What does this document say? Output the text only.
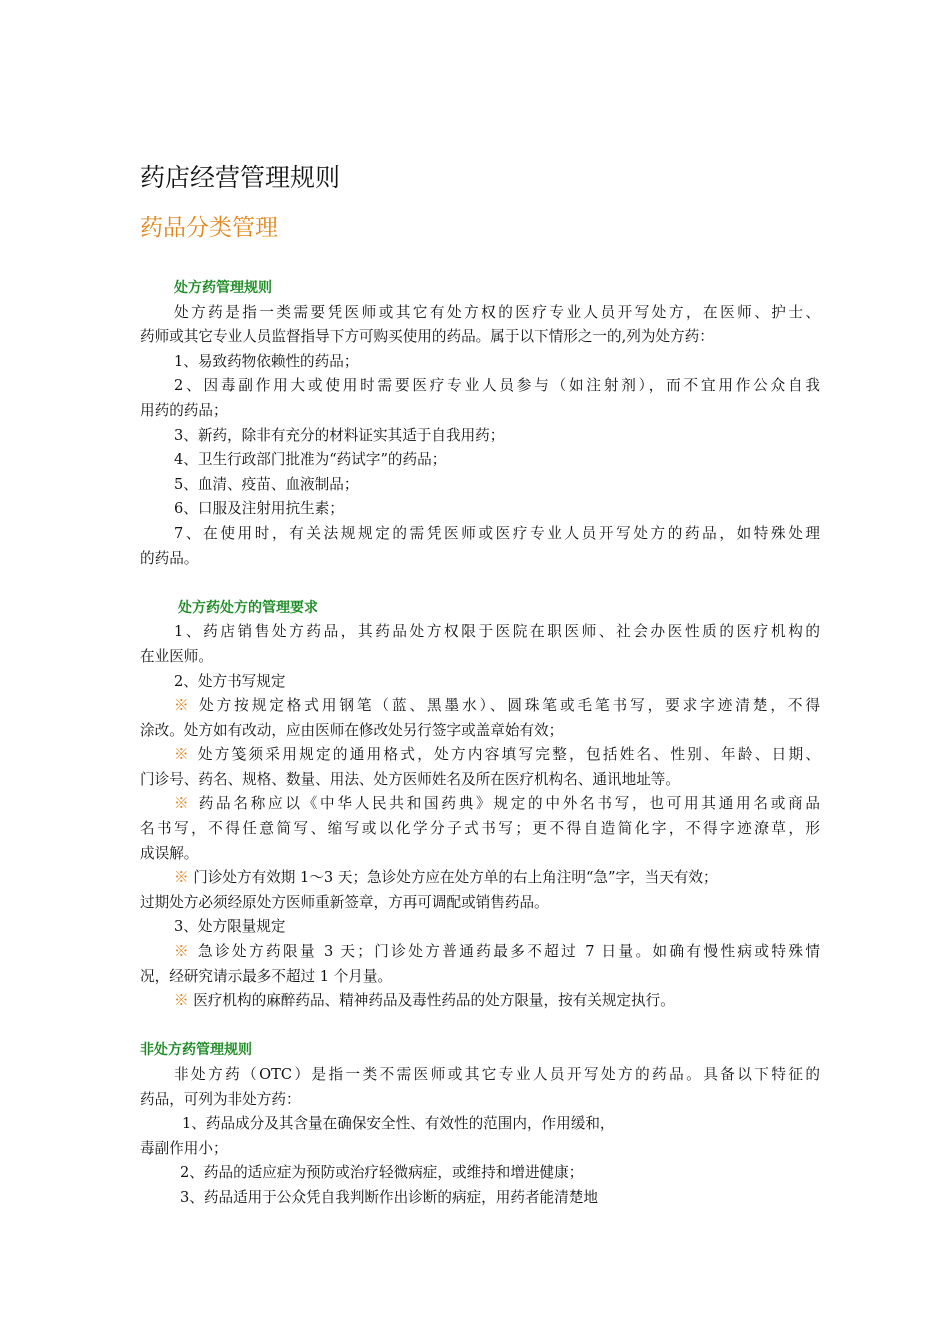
药店经营管理规则
药品分类管理
处方药管理规则
处方药是指一类需要凭医师或其它有处方权的医疗专业人员开写处方，在医师、护士、
药师或其它专业人员监督指导下方可购买使用的药品。属于以下情形之一的,列为处方药：
1、易致药物依赖性的药品；
2、因毒副作用大或使用时需要医疗专业人员参与（如注射剂），而不宜用作公众自我
用药的药品；
3、新药，除非有充分的材料证实其适于自我用药；
4、卫生行政部门批准为“药试字”的药品；
5、血清、疫苗、血液制品；
6、口服及注射用抗生素；
7、在使用时，有关法规规定的需凭医师或医疗专业人员开写处方的药品，如特殊处理
的药品。
处方药处方的管理要求
1、药店销售处方药品，其药品处方权限于医院在职医师、社会办医性质的医疗机构的
在业医师。
2、处方书写规定
※ 处方按规定格式用钢笔（蓝、黑墨水）、圆珠笔或毛笔书写，要求字迹清楚，不得
涂改。处方如有改动，应由医师在修改处另行签字或盖章始有效；
※ 处方笺须采用规定的通用格式，处方内容填写完整，包括姓名、性别、年龄、日期、
门诊号、药名、规格、数量、用法、处方医师姓名及所在医疗机构名、通讯地址等。
※ 药品名称应以《中华人民共和国药典》规定的中外名书写，也可用其通用名或商品
名书写，不得任意简写、缩写或以化学分子式书写；更不得自造简化字，不得字迹潦草，形
成误解。
※ 门诊处方有效期 1～3 天；急诊处方应在处方单的右上角注明“急”字，当天有效；
过期处方必须经原处方医师重新签章，方再可调配或销售药品。
3、处方限量规定
※ 急诊处方药限量 3 天；门诊处方普通药最多不超过 7 日量。如确有慢性病或特殊情
况，经研究请示最多不超过 1 个月量。
※ 医疗机构的麻醉药品、精神药品及毒性药品的处方限量，按有关规定执行。
非处方药管理规则
非处方药（OTC）是指一类不需医师或其它专业人员开写处方的药品。具备以下特征的
药品，可列为非处方药：
1、药品成分及其含量在确保安全性、有效性的范围内，作用缓和，
毒副作用小；
2、药品的适应症为预防或治疗轻微病症，或维持和增进健康；
3、药品适用于公众凭自我判断作出诊断的病症，用药者能清楚地
